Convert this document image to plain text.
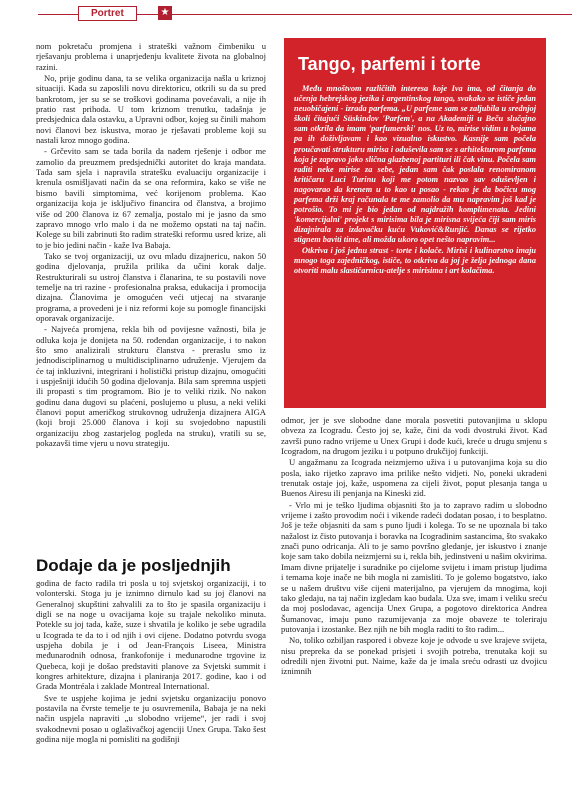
Portret	★

nom pokretaču promjena i strateški važnom čimbeniku u rješavanju problema i unaprjeđenju kvalitete života na globalnoj razini.

No, prije godinu dana, ta se velika organizacija našla u kriznoj situaciji. Kada su zaposlili novu direktoricu, otkrili su da su pred bankrotom, jer su se se troškovi godinama povećavali, a nije ih pratio rast prihoda. U tom kriznom trenutku, tadašnja je predsjednica dala ostavku, a Upravni odbor, kojeg su činili mahom novi članovi bez iskustva, morao je rješavati probleme koji su nastali kroz mnogo godina.

- Grčevito sam se tada borila da nađem rješenje i odbor me zamolio da preuzmem predsjednički autoritet do kraja mandata. Tada sam sjela i napravila stratešku evaluaciju organizacije i krenula osmišljavati način da se ona reformira, kako se više ne bismo bavili simptomima, već korijenom problema. Kao organizacija koja je isključivo financira od članstva, a brojimo više od 200 članova iz 67 zemalja, postalo mi je jasno da smo zapravo mnogo vrlo malo i da ne možemo opstati na taj način. Kolege su bili zabrinuti što radim strateški reformu usred krize, ali to je bio jedini način - kaže Iva Babaja.

Tako se tvoj organizaciji, uz ovu mladu dizajnericu, nakon 50 godina djelovanja, pružila prilika da učini korak dalje. Restrukturirali su ustroj članstva i članarina, te su postavili nove temelje na tri razine - profesionalna praksa, edukacija i promocija dizajna. Članovima je omogućen veći utjecaj na stvaranje programa, a provedeni je i niz reformi koje su pomogle financijski oporavak organizacije.

- Najveća promjena, rekla bih od povijesne važnosti, bila je odluka koja je donijeta na 50. rođendan organizacije, i to nakon što smo analizirali strukturu članstva - preraslu smo iz jednodisciplinarnog u multidisciplinarno udruženje. Vjerujem da će taj inkluzivni, integrirani i holistički pristup dizajnu, omogućiti i uspješniji idućih 50 godina djelovanja. Bila sam spremna uspjeti ili propasti s tim programom. Bio je to veliki rizik. No nakon godinu dana dugovi su plaćeni, poslujemo u plusu, a neki veliki članovi poput američkog strukovnog udruženja dizajnera AIGA (koji broji 25.000 članova i koji su svojedobno napustili organizaciju zbog zastarjelog pogleda na struku), vratili su se, pokazavši time vjeru u novu strategiju.

Dodaje da je posljednjih

godina de facto radila tri posla u toj svjetskoj organizaciji, i to volonterski. Stoga ju je iznimno dirnulo kad su joj članovi na Generalnoj skupštini zahvalili za to što je spasila organizaciju i digli se na noge u ovacijama koje su trajale nekoliko minuta. Potekle su joj tada, kaže, suze i shvatila je koliko je sebe ugradila u Icograda te da to i od njih i ovi cijene. Dodatno potvrdu svoga uspjeha dobila je i od Jean-François Liseea, Ministra međunarodnih odnosa, frankofonije i međunarodne trgovine iz Quebeca, koji je došao predstaviti planove za Svjetski summit i kongres arhitekture, dizajna i planiranja 2017. godine, kao i od Grada Montréala i zaklade Montreal International.

Sve te uspjehe kojima je jedni svjetsku organizaciju ponovo postavila na čvrste temelje te ju osuvremenila, Babaja je na neki način uspjela napraviti „u slobodno vrijeme“, jer radi i svoj svakodnevni posao u oglašivačkoj agenciji Unex Grupa. Tako šest godina nije mogla ni pomisliti na godišnji

Tango, parfemi i torte

Među mnoštvom različitih interesa koje Iva ima, od čitanja do učenja hebrejskog jezika i argentinskog tanga, svakako se ističe jedan neuobičajeni - izrada parfema. „U parfeme sam se zaljubila u srednjoj školi čitajući Süskindov 'Parfem', a na Akademiji u Beču slučajno sam otkrila da imam 'parfumerski' nos. Uz to, mirise vidim u bojama pa ih doživljavam i kao vizualno iskustvo. Kasnije sam počela proučavati strukturu mirisa i oduševila sam se s arhitekturom parfema koja je zapravo jako slična glazbenoj partituri ili čak vinu. Počela sam raditi neke mirise za sebe, jedan sam čak poslala renomiranom kritičaru Luci Turinu koji me potom nazvao sav oduševljen i nagovarao da krenem u to kao u posao - rekao je da bočicu mog parfema drži kraj računala te me zamolio da mu napravim još kad je potrošio. To mi je bio jedan od najdražih komplimenata. Jedini 'komercijalni' projekt s mirisima bila je mirisna svijeća čiji sam miris dizajnirala za izdavačku kuću Vuković&Runjić. Danas se rijetko stignem baviti time, ali možda ukoro opet nešto napravim...

Otkriva i još jednu strast - torte i kolače. Mirisi i kulinarstvo imaju mnogo toga zajedničkog, ističe, to otkriva da joj je želja jednoga dana otvoriti malu slastičarnicu-atelje s mirisima i art kolačima.

odmor, jer je sve slobodne dane morala posvetiti putovanjima u sklopu obveza za Icogradu. Često joj se, kaže, čini da vodi dvostruki život. Kad završi puno radno vrijeme u Unex Grupi i dođe kući, kreće u drugu smjenu s Icogradom, na drugom jeziku i u potpuno drukčijoj funkciji.

U angažmanu za Icograda neizmjerno uživa i u putovanjima koja su dio posla, iako rijetko zapravo ima prilike nešto vidjeti. No, poneki ukradeni trenutak ostaje joj, kaže, uspomena za cijeli život, poput plesanja tanga u Buenos Airesu ili penjanja na Kineski zid.

- Vrlo mi je teško ljudima objasniti što ja to zapravo radim u slobodno vrijeme i zašto provodim noći i vikende radeći dodatan posao, i to besplatno. Još je teže objasniti da sam s puno ljudi i kolega. To se ne upoznala bi tako nažalost iz čisto putovanja i boravka na Icogradinim sastancima, što svakako znači puno odricanja. Ali to je samo površno gledanje, jer iskustvo i znanje koje sam tako dobila neizmjerni su i, rekla bih, jedinstveni u našim okvirima. Imam divne prijatelje i suradnike po cijelome svijetu i imam pristup ljudima i temama koje inače ne bih mogla ni zamisliti. To je golemo bogatstvo, iako se u našem društvu više cijeni materijalno, pa vjerujem da mnogima, koji tako gledaju, na taj način izgledam kao budala. Uza sve, imam i veliku sreću da moj poslodavac, agencija Unex Grupa, a pogotovo direktorica Andrea Šumanovac, imaju puno razumijevanja za moje obaveze te toleriraju putovanja i izostanke. Bez njih ne bih mogla raditi to što radim...

No, toliko ozbiljan raspored i obveze koje je odvode u sve krajeve svijeta, nisu prepreka da se ponekad prisjeti i svojih potreba, trenutaka koji su odredili njen životni put. Naime, kaže da je imala sreću odrasti uz dvojicu iznimnih
